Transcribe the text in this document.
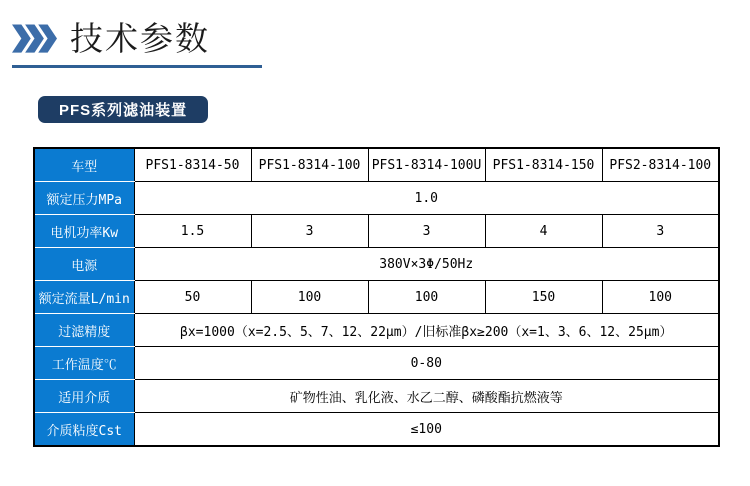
技术参数
PFS系列滤油装置
车型	PFS1-8314-50	PFS1-8314-100	PFS1-8314-100U	PFS1-8314-150	PFS2-8314-100
额定压力MPa	1.0				
电机功率Kw	1.5	3	3	4	3
电源	380V×3Φ/50Hz				
额定流量L/min	50	100	100	150	100
过滤精度	βx=1000（x=2.5、5、7、12、22μm）/旧标准βx≥200（x=1、3、6、12、25μm）				
工作温度℃	0-80				
适用介质	矿物性油、乳化液、水乙二醇、磷酸酯抗燃液等				
介质粘度Cst	≤100				
